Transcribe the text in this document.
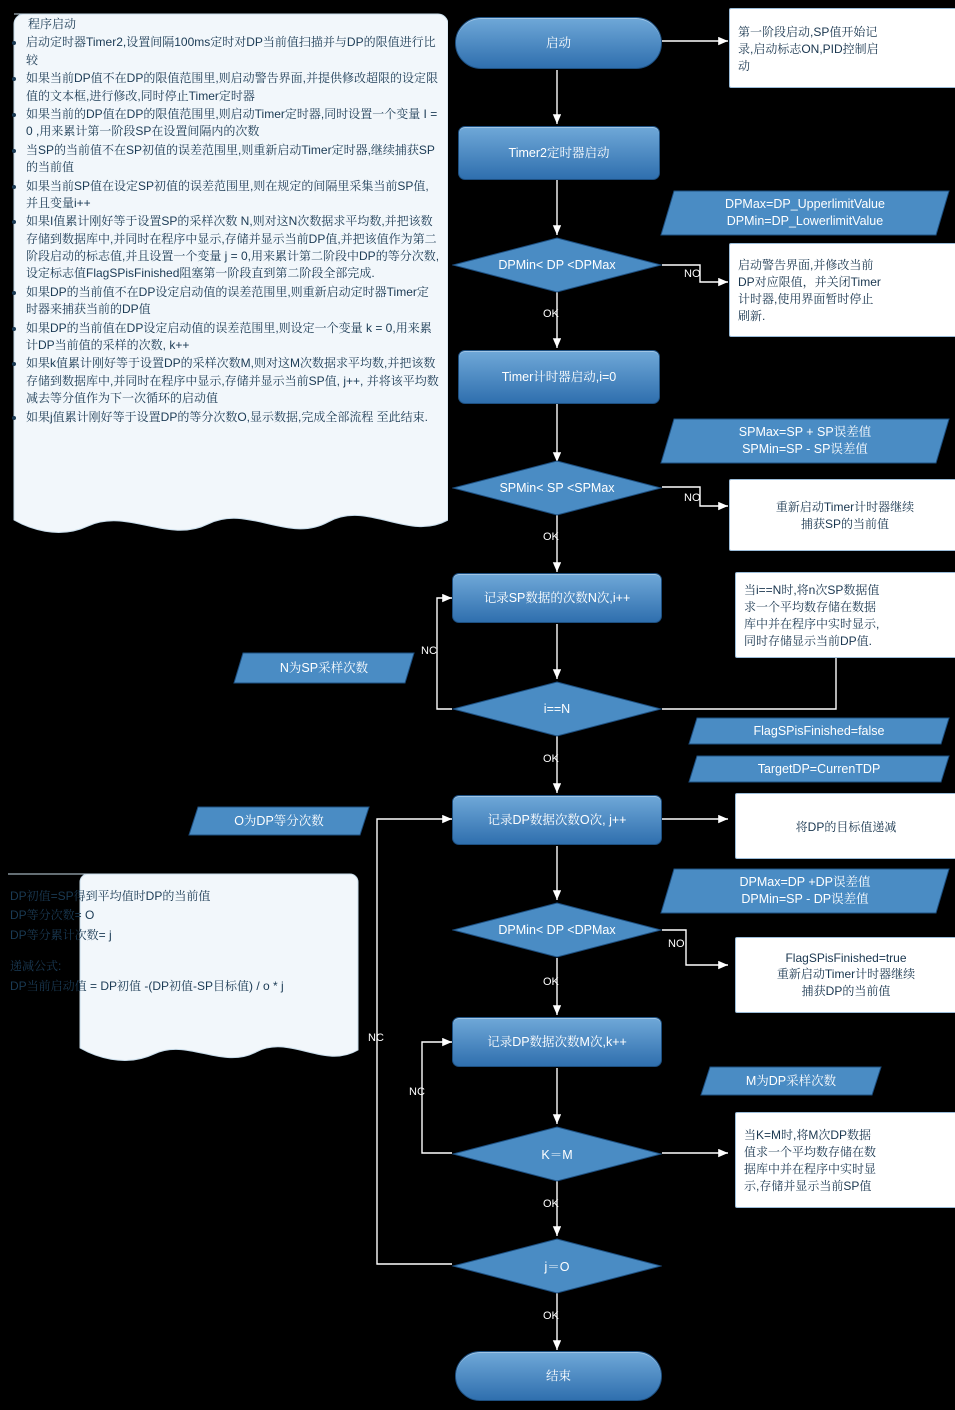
程序启动
• 启动定时器Timer2,设置间隔100ms定时对DP当前值扫描并与DP的限值进行比较
• 如果当前DP值不在DP的限值范围里,则启动警告界面,并提供修改超限的设定限值的文本框,进行修改,同时停止Timer定时器
• 如果当前的DP值在DP的限值范围里,则启动Timer定时器,同时设置一个变量 I = 0 ,用来累计第一阶段SP在设置间隔内的次数
• 当SP的当前值不在SP初值的误差范围里,则重新启动Timer定时器,继续捕获SP的当前值
• 如果当前SP值在设定SP初值的误差范围里,则在规定的间隔里采集当前SP值,并且变量i++
• 如果I值累计刚好等于设置SP的采样次数 N,则对这N次数据求平均数,并把该数存储到数据库中,并同时在程序中显示,存储并显示当前DP值,并把该值作为第二阶段启动的标志值,并且设置一个变量 j = 0,用来累计第二阶段中DP的等分次数,设定标志值FlagSPisFinished阻塞第一阶段直到第二阶段全部完成.
• 如果DP的当前值不在DP设定启动值的误差范围里,则重新启动定时器Timer定时器来捕获当前的DP值
• 如果DP的当前值在DP设定启动值的误差范围里,则设定一个变量 k = 0,用来累计DP当前值的采样的次数, k++
• 如果k值累计刚好等于设置DP的采样次数M,则对这M次数据求平均数,并把该数存储到数据库中,并同时在程序中显示,存储并显示当前SP值, j++, 并将该平均数减去等分值作为下一次循环的启动值
• 如果j值累计刚好等于设置DP的等分次数O,显示数据,完成全部流程 至此结束.

DP初值=SP得到平均值时DP的当前值

DP等分次数= O

DP等分累计次数= j

递减公式:

DP当前启动值 = DP初值 -(DP初值-SP目标值) / o * j

启动
Timer2定时器启动
DPMin< DP <DPMax
Timer计时器启动,i=0
SPMin< SP <SPMax
记录SP数据的次数N次,i++
i==N
记录DP数据次数O次, j++
DPMin< DP <DPMax
记录DP数据次数M次,k++
K＝M
j＝O
结束
DPMax=DP_UpperlimitValue
DPMin=DP_LowerlimitValue
SPMax=SP + SP误差值
SPMin=SP - SP误差值
N为SP采样次数
FlagSPisFinished=false
TargetDP=CurrenTDP
O为DP等分次数
DPMax=DP +DP误差值
DPMin=SP - DP误差值
M为DP采样次数
第一阶段启动,SP值开始记
录,启动标志ON,PID控制启
动
启动警告界面,并修改当前
DP对应限值，并关闭Timer
计时器,使用界面暂时停止
刷新.
重新启动Timer计时器继续
捕获SP的当前值
当i==N时,将n次SP数据值
求一个平均数存储在数据
库中并在程序中实时显示,
同时存储显示当前DP值.
将DP的目标值递减
FlagSPisFinished=true
重新启动Timer计时器继续
捕获DP的当前值
当K=M时,将M次DP数据
值求一个平均数存储在数
据库中并在程序中实时显
示,存储并显示当前SP值
NO
OK
NO
OK
NC
OK
NO
OK
NC
OK
NC
OK
